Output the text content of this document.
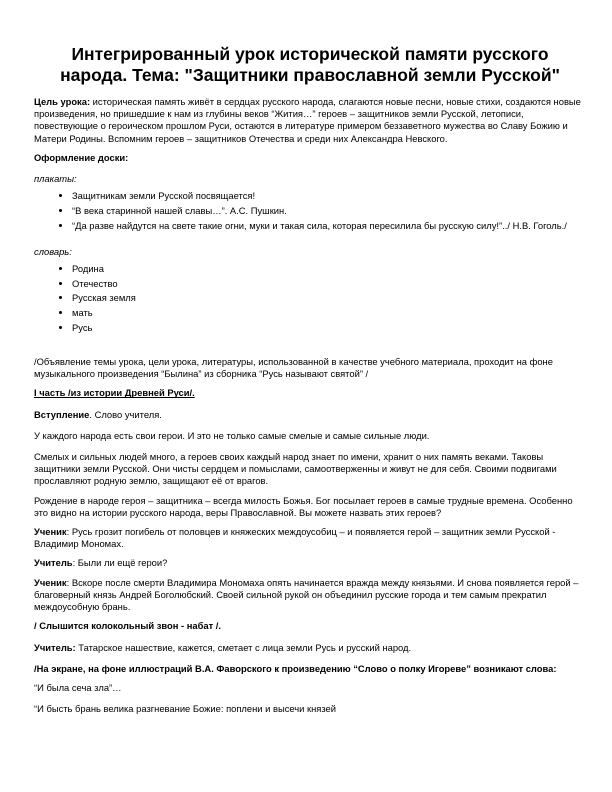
Интегрированный урок исторической памяти русского народа. Тема: "Защитники православной земли Русской"

Цель урока: историческая память живёт в сердцах русского народа, слагаются новые песни, новые стихи, создаются новые произведения, но пришедшие к нам из глубины веков “Жития…” героев – защитников земли Русской, летописи, повествующие о героическом прошлом Руси, остаются в литературе примером беззаветного мужества во Славу Божию и Матери Родины. Вспомним героев – защитников Отечества и среди них Александра Невского.

Оформление доски:

плакаты:

• Защитникам земли Русской посвящается!
• “В века старинной нашей славы…”. А.С. Пушкин.
• “Да разве найдутся на свете такие огни, муки и такая сила, которая пересилила бы русскую силу!”../ Н.В. Гоголь./

словарь:

• Родина
• Отечество
• Русская земля
• мать
• Русь

/Объявление темы урока, цели урока, литературы, использованной в качестве учебного материала, проходит на фоне музыкального произведения “Былина” из сборника “Русь называют святой” /

I часть /из истории Древней Руси/.

Вступление. Слово учителя.

У каждого народа есть свои герои. И это не только самые смелые и самые сильные люди.

Смелых и сильных людей много, а героев своих каждый народ знает по имени, хранит о них память веками. Таковы защитники земли Русской. Они чисты сердцем и помыслами, самоотверженны и живут не для себя. Своими подвигами прославляют родную землю, защищают её от врагов.

Рождение в народе героя – защитника – всегда милость Божья. Бог посылает героев в самые трудные времена. Особенно это видно на истории русского народа, веры Православной. Вы можете назвать этих героев?

Ученик: Русь грозит погибель от половцев и княжеских междоусобиц – и появляется герой – защитник земли Русской - Владимир Мономах.

Учитель: Были ли ещё герои?

Ученик: Вскоре после смерти Владимира Мономаха опять начинается вражда между князьями. И снова появляется герой – благоверный князь Андрей Боголюбский. Своей сильной рукой он объединил русские города и тем самым прекратил междоусобную брань.

/ Слышится колокольный звон - набат /.

Учитель: Татарское нашествие, кажется, сметает с лица земли Русь и русский народ.

/На экране, на фоне иллюстраций В.А. Фаворского к произведению “Слово о полку Игореве” возникают слова:

“И была сеча зла”…

“И бысть брань велика разгневание Божие: поплени и высечи князей
